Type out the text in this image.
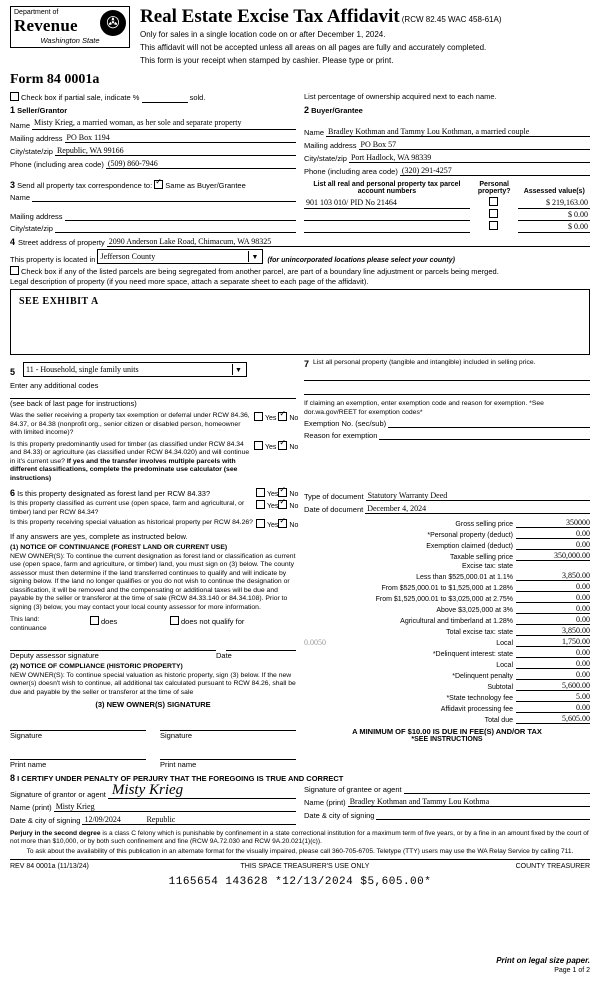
Department of
Revenue	✇
Washington State
Real Estate Excise Tax Affidavit (RCW 82.45 WAC 458-61A)
Only for sales in a single location code on or after December 1, 2024.
This affidavit will not be accepted unless all areas on all pages are fully and accurately completed.
This form is your receipt when stamped by cashier. Please type or print.
Form 84 0001a
Check box if partial sale, indicate %	sold.	List percentage of ownership acquired next to each name.
1 Seller/Grantor
Name Misty Krieg, a married woman, as her sole and separate property
Mailing address PO Box 1194
City/state/zip Republic, WA 99166
Phone (including area code) (509) 860-7946
2 Buyer/Grantee
Name Bradley Kothman and Tammy Lou Kothman, a married couple
Mailing address PO Box 57
City/state/zip Port Hadlock, WA 98339
Phone (including area code) (320) 291-4257
3 Send all property tax correspondence to: ✓ Same as Buyer/Grantee
Name
Mailing address
City/state/zip
List all real and personal property tax parcel account numbers	Personal property?	Assessed value(s)
901 103 010/ PID No 21464		$ 219,163.00
		$ 0.00
		$ 0.00
4 Street address of property 2090 Anderson Lake Road, Chimacum, WA 98325
This property is located in Jefferson County	▼ (for unincorporated locations please select your county)
Check box if any of the listed parcels are being segregated from another parcel, are part of a boundary line adjustment or parcels being merged.
Legal description of property (if you need more space, attach a separate sheet to each page of the affidavit).
SEE EXHIBIT A
5 11 - Household, single family units	▼
Enter any additional codes
(see back of last page for instructions)
Was the seller receiving a property tax exemption or deferral under RCW 84.36, 84.37, or 84.38 (nonprofit org., senior citizen or disabled person, homeowner with limited income)?
Yes ✓ No
Is this property predominantly used for timber (as classified under RCW 84.34 and 84.33) or agriculture (as classified under RCW 84.34.020) and will continue in it's current use? If yes and the transfer involves multiple parcels with different classifications, complete the predominate use calculator (see instructions)
Yes ✓ No
7 List all personal property (tangible and intangible) included in selling price.
If claiming an exemption, enter exemption code and reason for exemption. *See dor.wa.gov/REET for exemption codes*
Exemption No. (sec/sub)
Reason for exemption
6 Is this property designated as forest land per RCW 84.33?	Yes ✓ No
Is this property classified as current use (open space, farm and agricultural, or timber) land per RCW 84.34?
Yes ✓ No
Is this property receiving special valuation as historical property per RCW 84.26?	Yes ✓ No
If any answers are yes, complete as instructed below.
(1) NOTICE OF CONTINUANCE (FOREST LAND OR CURRENT USE)
NEW OWNER(S): To continue the current designation as forest land or classification as current use (open space, farm and agriculture, or timber) land, you must sign on (3) below. The county assessor must then determine if the land transferred continues to qualify and will indicate by signing below. If the land no longer qualifies or you do not wish to continue the designation or classification, it will be removed and the compensating or additional taxes will be due and payable by the seller or transferor at the time of sale (RCW 84.33.140 or 84.34.108). Prior to signing (3) below, you may contact your local county assessor for more information.
This land:
continuance
does	does not qualify for

Deputy assessor signature	Date
(2) NOTICE OF COMPLIANCE (HISTORIC PROPERTY)
NEW OWNER(S): To continue special valuation as historic property, sign (3) below. If the new owner(s) doesn't wish to continue, all additional tax calculated pursuant to RCW 84.26, shall be due and payable by the seller or transferor at the time of sale
(3) NEW OWNER(S) SIGNATURE

Signature
	Signature

Print name
	Print name
Type of document Statutory Warranty Deed
Date of document December 4, 2024
Gross selling price	350000
*Personal property (deduct)	0.00
Exemption claimed (deduct)	0.00
Taxable selling price	350,000.00
Excise tax: state
Less than $525,000.01 at 1.1%	3,850.00
From $525,000.01 to $1,525,000 at 1.28%	0.00
From $1,525,000.01 to $3,025,000 at 2.75%	0.00
Above $3,025,000 at 3%	0.00
Agricultural and timberland at 1.28%	0.00
Total excise tax: state	3,850.00
0.0050	Local	1,750.00
*Delinquent interest: state	0.00
Local	0.00
*Delinquent penalty	0.00
Subtotal	5,600.00
*State technology fee	5.00
Affidavit processing fee	0.00
Total due	5,605.00
A MINIMUM OF $10.00 IS DUE IN FEE(S) AND/OR TAX
*SEE INSTRUCTIONS
8 I CERTIFY UNDER PENALTY OF PERJURY THAT THE FOREGOING IS TRUE AND CORRECT
Signature of grantor or agent Misty Krieg
Name (print) Misty Krieg
Date & city of signing 12/09/2024	Republic
Signature of grantee or agent

Name (print) Bradley Kothman and Tammy Lou Kothma
Date & city of signing

Perjury in the second degree is a class C felony which is punishable by confinement in a state correctional institution for a maximum term of five years, or by a fine in an amount fixed by the court of not more than $10,000, or by both such confinement and fine (RCW 9A.72.030 and RCW 9A.20.021(1)(c)).
To ask about the availability of this publication in an alternate format for the visually impaired, please call 360-705-6705. Teletype (TTY) users may use the WA Relay Service by calling 711.
REV 84 0001a (11/13/24)	THIS SPACE TREASURER'S USE ONLY	COUNTY TREASURER
1165654 143628 *12/13/2024 $5,605.00*
Print on legal size paper.
Page 1 of 2
